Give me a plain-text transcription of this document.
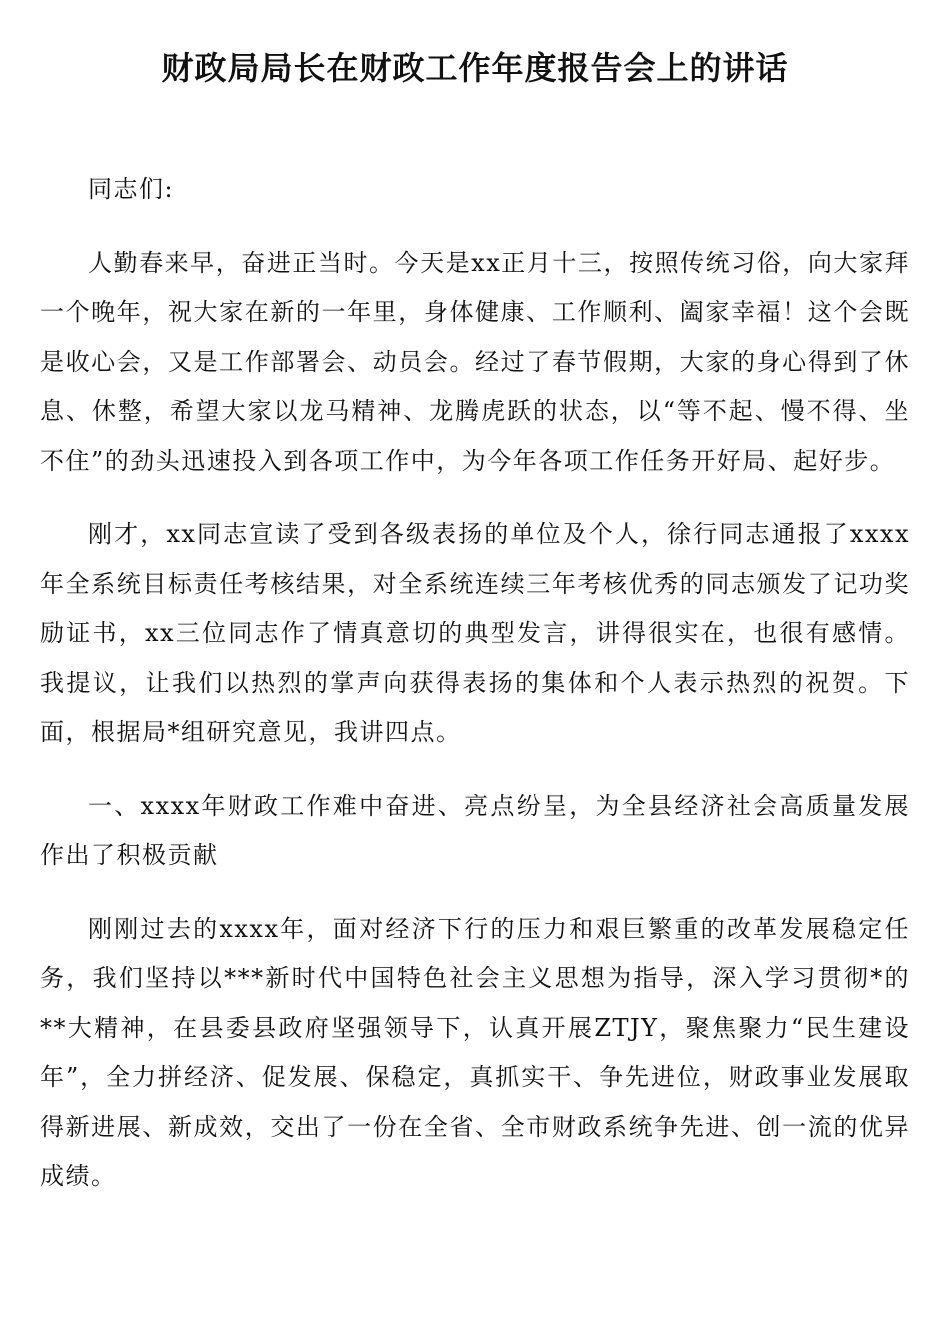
财政局局长在财政工作年度报告会上的讲话

同志们:

人勤春来早，奋进正当时。今天是xx正月十三，按照传统习俗，向大家拜一个晚年，祝大家在新的一年里，身体健康、工作顺利、阖家幸福！这个会既是收心会，又是工作部署会、动员会。经过了春节假期，大家的身心得到了休息、休整，希望大家以龙马精神、龙腾虎跃的状态，以“等不起、慢不得、坐不住”的劲头迅速投入到各项工作中，为今年各项工作任务开好局、起好步。

刚才，xx同志宣读了受到各级表扬的单位及个人，徐行同志通报了xxxx年全系统目标责任考核结果，对全系统连续三年考核优秀的同志颁发了记功奖励证书，xx三位同志作了情真意切的典型发言，讲得很实在，也很有感情。我提议，让我们以热烈的掌声向获得表扬的集体和个人表示热烈的祝贺。下面，根据局*组研究意见，我讲四点。

一、xxxx年财政工作难中奋进、亮点纷呈，为全县经济社会高质量发展作出了积极贡献

刚刚过去的xxxx年，面对经济下行的压力和艰巨繁重的改革发展稳定任务，我们坚持以***新时代中国特色社会主义思想为指导，深入学习贯彻*的**大精神，在县委县政府坚强领导下，认真开展ZTJY，聚焦聚力“民生建设年”，全力拼经济、促发展、保稳定，真抓实干、争先进位，财政事业发展取得新进展、新成效，交出了一份在全省、全市财政系统争先进、创一流的优异成绩。
